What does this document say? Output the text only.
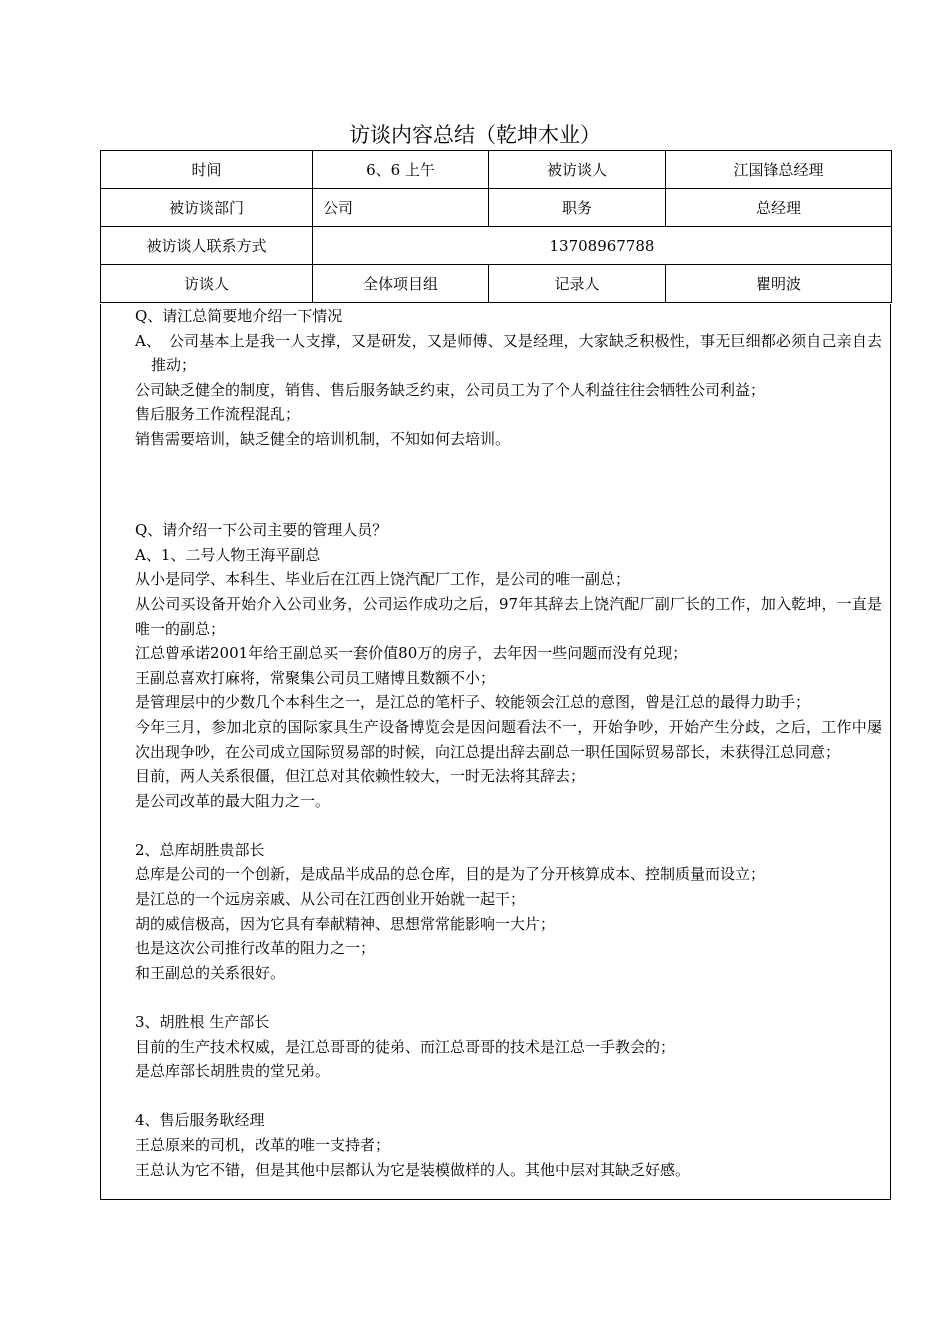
访谈内容总结（乾坤木业）
时间	6、6 上午	被访谈人	江国锋总经理
被访谈部门	公司	职务	总经理
被访谈人联系方式	13708967788		
访谈人	全体项目组	记录人	瞿明波

Q、请江总简要地介绍一下情况

A、　公司基本上是我一人支撑，又是研发，又是师傅、又是经理，大家缺乏积极性，事无巨细都必须自己亲自去推动；

公司缺乏健全的制度，销售、售后服务缺乏约束，公司员工为了个人利益往往会牺牲公司利益；

售后服务工作流程混乱；

销售需要培训，缺乏健全的培训机制，不知如何去培训。

Q、请介绍一下公司主要的管理人员？

A、1、二号人物王海平副总

从小是同学、本科生、毕业后在江西上饶汽配厂工作，是公司的唯一副总；

从公司买设备开始介入公司业务，公司运作成功之后，97年其辞去上饶汽配厂副厂长的工作，加入乾坤，一直是唯一的副总；

江总曾承诺2001年给王副总买一套价值80万的房子，去年因一些问题而没有兑现；

王副总喜欢打麻将，常聚集公司员工赌博且数额不小；

是管理层中的少数几个本科生之一，是江总的笔杆子、较能领会江总的意图，曾是江总的最得力助手；

今年三月，参加北京的国际家具生产设备博览会是因问题看法不一，开始争吵，开始产生分歧，之后，工作中屡次出现争吵，在公司成立国际贸易部的时候，向江总提出辞去副总一职任国际贸易部长，未获得江总同意；

目前，两人关系很僵，但江总对其依赖性较大，一时无法将其辞去；

是公司改革的最大阻力之一。

2、总库胡胜贵部长

总库是公司的一个创新，是成品半成品的总仓库，目的是为了分开核算成本、控制质量而设立；

是江总的一个远房亲戚、从公司在江西创业开始就一起干；

胡的威信极高，因为它具有奉献精神、思想常常能影响一大片；

也是这次公司推行改革的阻力之一；

和王副总的关系很好。

3、胡胜根 生产部长

目前的生产技术权威，是江总哥哥的徒弟、而江总哥哥的技术是江总一手教会的；

是总库部长胡胜贵的堂兄弟。

4、售后服务耿经理

王总原来的司机，改革的唯一支持者；

王总认为它不错，但是其他中层都认为它是装模做样的人。其他中层对其缺乏好感。
